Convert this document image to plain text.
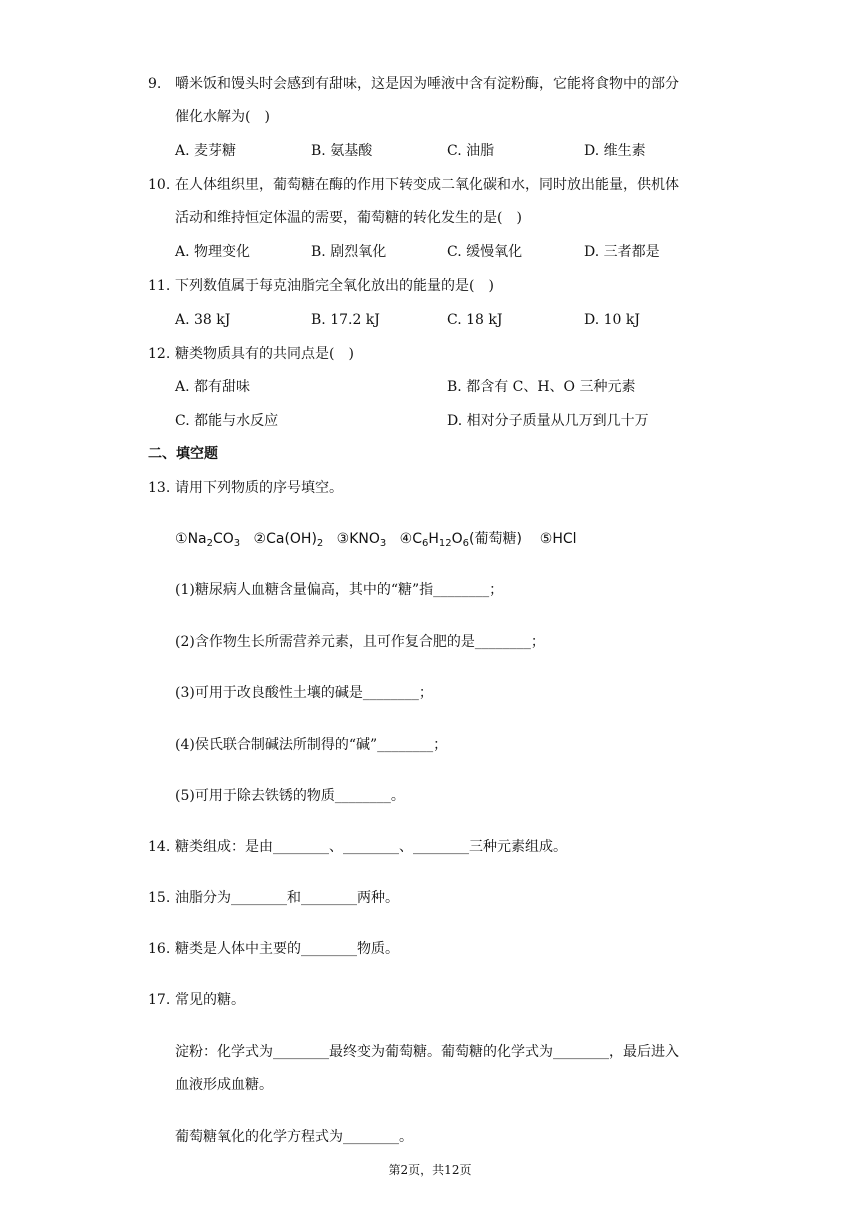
9. 嚼米饭和馒头时会感到有甜味，这是因为唾液中含有淀粉酶，它能将食物中的部分
催化水解为( )
A. 麦芽糖	B. 氨基酸	C. 油脂	D. 维生素
10. 在人体组织里，葡萄糖在酶的作用下转变成二氧化碳和水，同时放出能量，供机体
活动和维持恒定体温的需要，葡萄糖的转化发生的是( )
A. 物理变化	B. 剧烈氧化	C. 缓慢氧化	D. 三者都是
11. 下列数值属于每克油脂完全氧化放出的能量的是( )
A. 38 kJ	B. 17.2 kJ	C. 18 kJ	D. 10 kJ
12. 糖类物质具有的共同点是( )
A. 都有甜味	B. 都含有 C、H、O 三种元素
C. 都能与水反应	D. 相对分子质量从几万到几十万
二、填空题
13. 请用下列物质的序号填空。
$①Na_2CO_3$ $②Ca(OH)_2$ $③KNO_3$ $④C_6H_{12}O_6$(葡萄糖) ⑤HCl
(1)糖尿病人血糖含量偏高，其中的“糖”指________；
(2)含作物生长所需营养元素，且可作复合肥的是________；
(3)可用于改良酸性土壤的碱是________；
(4)侯氏联合制碱法所制得的“碱”________；
(5)可用于除去铁锈的物质________。
14. 糖类组成：是由________、________、________三种元素组成。
15. 油脂分为________和________两种。
16. 糖类是人体中主要的________物质。
17. 常见的糖。
淀粉：化学式为________最终变为葡萄糖。葡萄糖的化学式为________，最后进入
血液形成血糖。
葡萄糖氧化的化学方程式为________。
第2页，共12页
